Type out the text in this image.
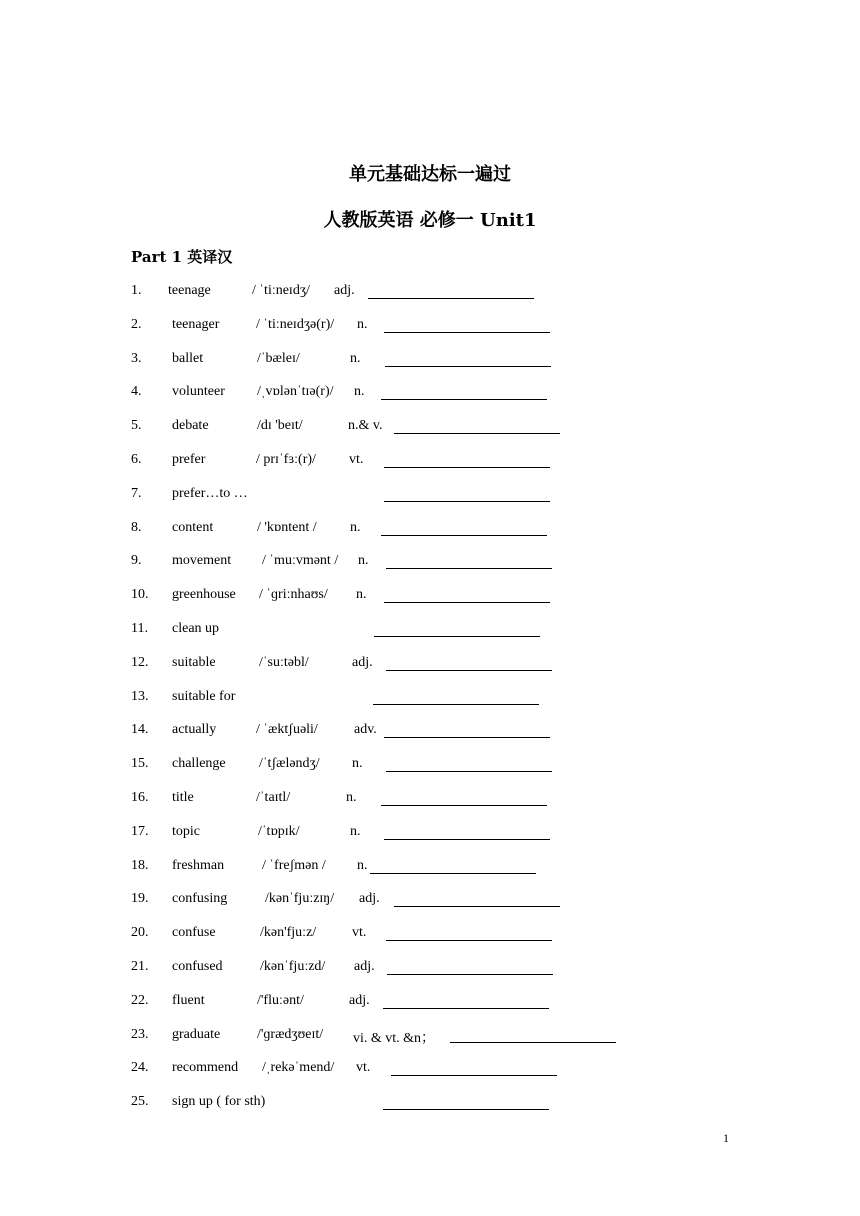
单元基础达标一遍过
人教版英语 必修一 Unit1
Part 1 英译汉
1. teenage	/ ˈtiːneɪdʒ/ adj.
2. teenager	/ ˈtiːneɪdʒə(r)/ n.
3. ballet	/ˈbæleɪ/	n.
4. volunteer /ˌvɒlənˈtɪə(r)/ n.
5. debate	/dɪ 'beɪt/	n.& v.
6. prefer	/ prɪˈfɜː(r)/ vt.
7. prefer…to …
8. content	/ 'kɒntent / n.
9. movement / ˈmuːvmənt / n.
10. greenhouse / ˈɡriːnhaʊs/ n.
11. clean up
12. suitable	/ˈsuːtəbl/	adj.
13. suitable for
14. actually	/ ˈæktʃuəli/	adv.
15. challenge /ˈtʃæləndʒ/ n.
16. title	/ˈtaɪtl/	n.
17. topic	/ˈtɒpɪk/	n.
18. freshman	/ ˈfreʃmən / n.
19. confusing	/kənˈfjuːzɪŋ/ adj.
20. confuse	/kən'fjuːz/	vt.
21. confused	/kənˈfjuːzd/ adj.
22. fluent	/'fluːənt/	adj.
23. graduate	/'ɡrædʒʊeɪt/ vi. & vt. &n；
24. recommend /ˌrekəˈmend/ vt.
25. sign up ( for sth)
1
